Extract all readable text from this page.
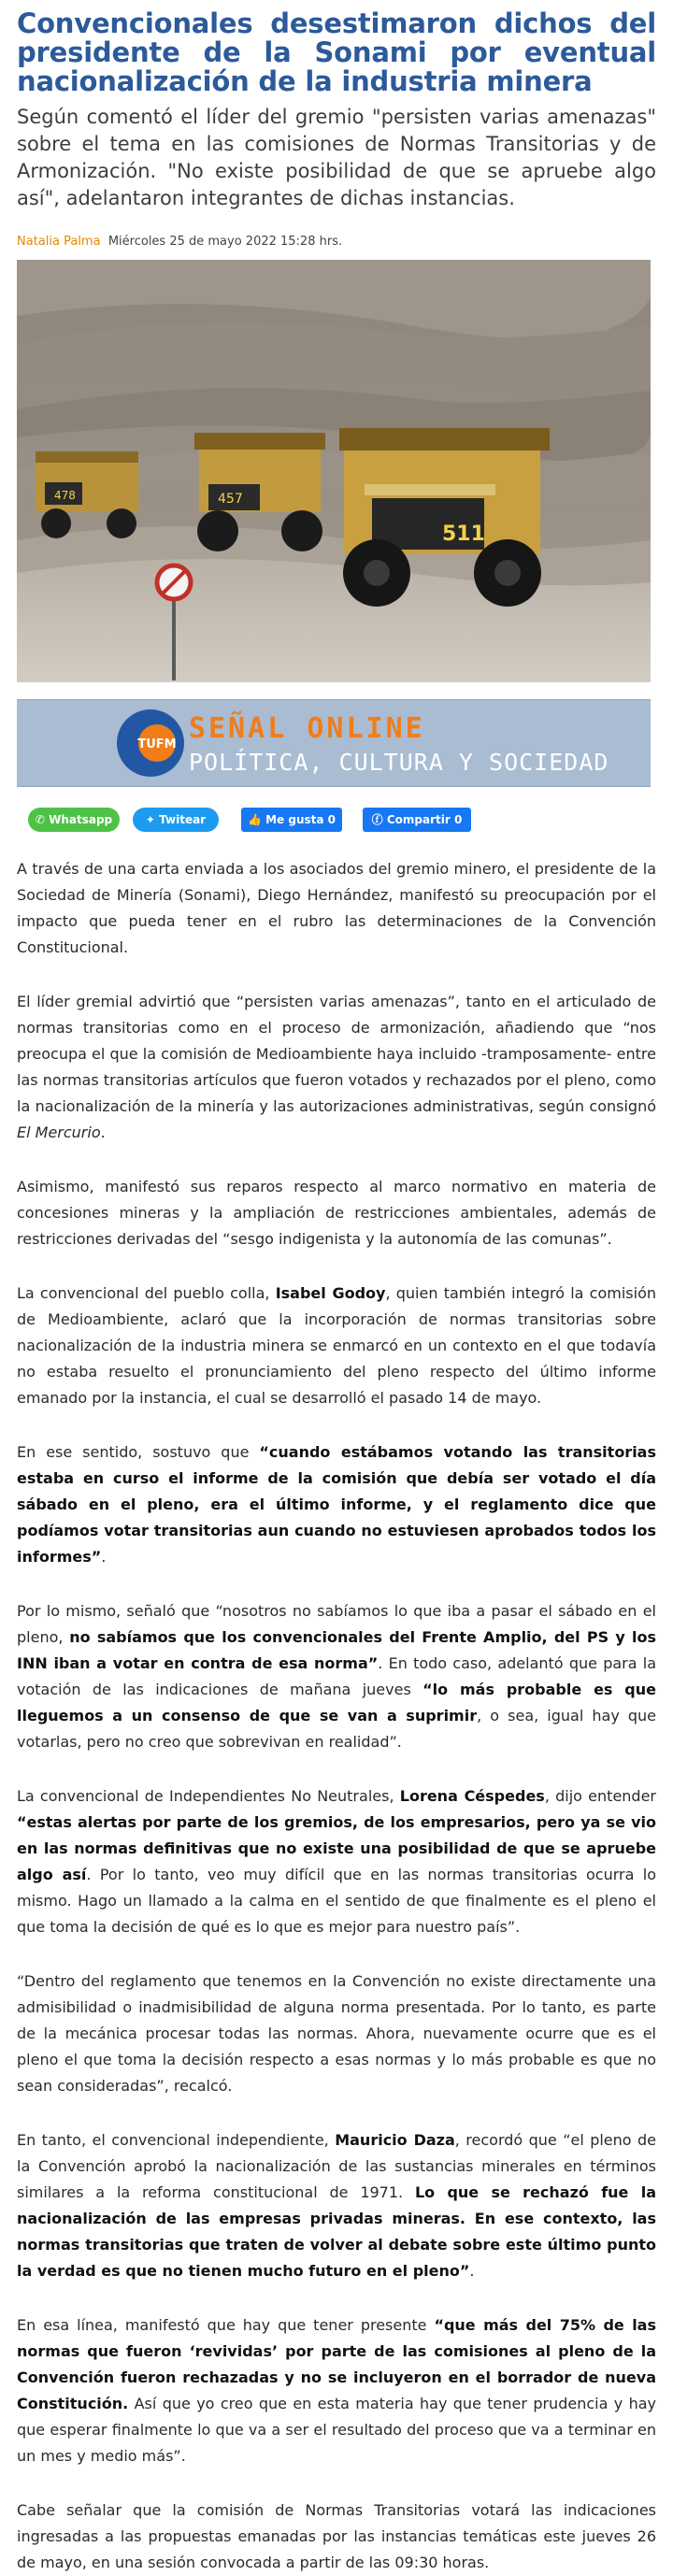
Convencionales desestimaron dichos del presidente de la Sonami por eventual nacionalización de la industria minera

Según comentó el líder del gremio "persisten varias amenazas" sobre el tema en las comisiones de Normas Transitorias y de Armonización. "No existe posibilidad de que se apruebe algo así", adelantaron integrantes de dichas instancias.

Natalia Palma Miércoles 25 de mayo 2022 15:28 hrs.
478	457
511
TUFM SEÑAL ONLINE
POLÍTICA, CULTURA Y SOCIEDAD
✆ Whatsapp	✦ Twitear	👍 Me gusta 0	ⓕ Compartir 0

A través de una carta enviada a los asociados del gremio minero, el presidente de la Sociedad de Minería (Sonami), Diego Hernández, manifestó su preocupación por el impacto que pueda tener en el rubro las determinaciones de la Convención Constitucional.

El líder gremial advirtió que “persisten varias amenazas”, tanto en el articulado de normas transitorias como en el proceso de armonización, añadiendo que “nos preocupa el que la comisión de Medioambiente haya incluido -tramposamente- entre las normas transitorias artículos que fueron votados y rechazados por el pleno, como la nacionalización de la minería y las autorizaciones administrativas, según consignó El Mercurio.

Asimismo, manifestó sus reparos respecto al marco normativo en materia de concesiones mineras y la ampliación de restricciones ambientales, además de restricciones derivadas del “sesgo indigenista y la autonomía de las comunas”.

La convencional del pueblo colla, Isabel Godoy, quien también integró la comisión de Medioambiente, aclaró que la incorporación de normas transitorias sobre nacionalización de la industria minera se enmarcó en un contexto en el que todavía no estaba resuelto el pronunciamiento del pleno respecto del último informe emanado por la instancia, el cual se desarrolló el pasado 14 de mayo.

En ese sentido, sostuvo que “cuando estábamos votando las transitorias estaba en curso el informe de la comisión que debía ser votado el día sábado en el pleno, era el último informe, y el reglamento dice que podíamos votar transitorias aun cuando no estuviesen aprobados todos los informes”.

Por lo mismo, señaló que “nosotros no sabíamos lo que iba a pasar el sábado en el pleno, no sabíamos que los convencionales del Frente Amplio, del PS y los INN iban a votar en contra de esa norma”. En todo caso, adelantó que para la votación de las indicaciones de mañana jueves “lo más probable es que lleguemos a un consenso de que se van a suprimir, o sea, igual hay que votarlas, pero no creo que sobrevivan en realidad”.

La convencional de Independientes No Neutrales, Lorena Céspedes, dijo entender “estas alertas por parte de los gremios, de los empresarios, pero ya se vio en las normas definitivas que no existe una posibilidad de que se apruebe algo así. Por lo tanto, veo muy difícil que en las normas transitorias ocurra lo mismo. Hago un llamado a la calma en el sentido de que finalmente es el pleno el que toma la decisión de qué es lo que es mejor para nuestro país”.

“Dentro del reglamento que tenemos en la Convención no existe directamente una admisibilidad o inadmisibilidad de alguna norma presentada. Por lo tanto, es parte de la mecánica procesar todas las normas. Ahora, nuevamente ocurre que es el pleno el que toma la decisión respecto a esas normas y lo más probable es que no sean consideradas”, recalcó.

En tanto, el convencional independiente, Mauricio Daza, recordó que “el pleno de la Convención aprobó la nacionalización de las sustancias minerales en términos similares a la reforma constitucional de 1971. Lo que se rechazó fue la nacionalización de las empresas privadas mineras. En ese contexto, las normas transitorias que traten de volver al debate sobre este último punto la verdad es que no tienen mucho futuro en el pleno”.

En esa línea, manifestó que hay que tener presente “que más del 75% de las normas que fueron ‘revividas’ por parte de las comisiones al pleno de la Convención fueron rechazadas y no se incluyeron en el borrador de nueva Constitución. Así que yo creo que en esta materia hay que tener prudencia y hay que esperar finalmente lo que va a ser el resultado del proceso que va a terminar en un mes y medio más”.

Cabe señalar que la comisión de Normas Transitorias votará las indicaciones ingresadas a las propuestas emanadas por las instancias temáticas este jueves 26 de mayo, en una sesión convocada a partir de las 09:30 horas.
